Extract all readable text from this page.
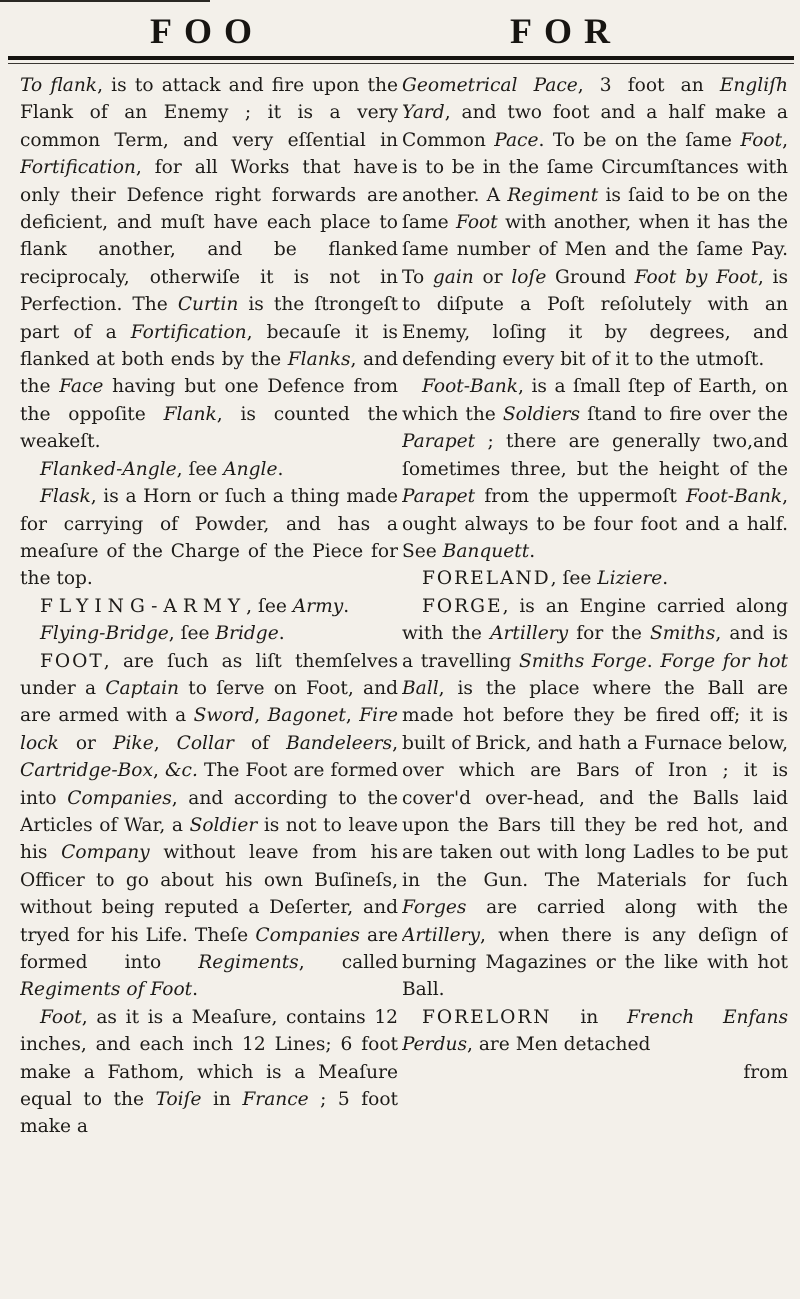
FOO	FOR

To flank, is to attack and fire upon the Flank of an Enemy ; it is a very common Term, and very eſſential in Fortification, for all Works that have only their Defence right forwards are deficient, and muſt have each place to flank another, and be flanked reciprocaly, otherwiſe it is not in Perfection. The Curtin is the ſtrongeſt part of a Fortification, becauſe it is flanked at both ends by the Flanks, and the Face having but one Defence from the oppoſite Flank, is counted the weakeſt.

Flanked-Angle, ſee Angle.

Flask, is a Horn or ſuch a thing made for carrying of Powder, and has a meaſure of the Charge of the Piece for the top.

FLYING-ARMY, ſee Army.

Flying-Bridge, ſee Bridge.

FOOT, are ſuch as liſt themſelves under a Captain to ſerve on Foot, and are armed with a Sword, Bagonet, Fire lock or Pike, Collar of Bandeleers, Cartridge-Box, &c. The Foot are formed into Companies, and according to the Articles of War, a Soldier is not to leave his Company without leave from his Officer to go about his own Buſineſs, without being reputed a Deſerter, and tryed for his Life. Theſe Companies are formed into Regiments, called Regiments of Foot.

Foot, as it is a Meaſure, contains 12 inches, and each inch 12 Lines; 6 foot make a Fathom, which is a Meaſure equal to the Toiſe in France ; 5 foot make a

Geometrical Pace, 3 foot an Engliſh Yard, and two foot and a half make a Common Pace. To be on the ſame Foot, is to be in the ſame Circumſtances with another. A Regiment is ſaid to be on the ſame Foot with another, when it has the ſame number of Men and the ſame Pay. To gain or loſe Ground Foot by Foot, is to diſpute a Poſt reſolutely with an Enemy, loſing it by degrees, and defending every bit of it to the utmoſt.

Foot-Bank, is a ſmall ſtep of Earth, on which the Soldiers ſtand to fire over the Parapet ; there are generally two,and ſometimes three, but the height of the Parapet from the uppermoſt Foot-Bank, ought always to be four foot and a half. See Banquett.

FORELAND, ſee Liziere.

FORGE, is an Engine carried along with the Artillery for the Smiths, and is a travelling Smiths Forge. Forge for hot Ball, is the place where the Ball are made hot before they be fired off; it is built of Brick, and hath a Furnace below, over which are Bars of Iron ; it is cover'd over-head, and the Balls laid upon the Bars till they be red hot, and are taken out with long Ladles to be put in the Gun. The Materials for ſuch Forges are carried along with the Artillery, when there is any deſign of burning Magazines or the like with hot Ball.

FORELORN in French Enfans Perdus, are Men detached

from
